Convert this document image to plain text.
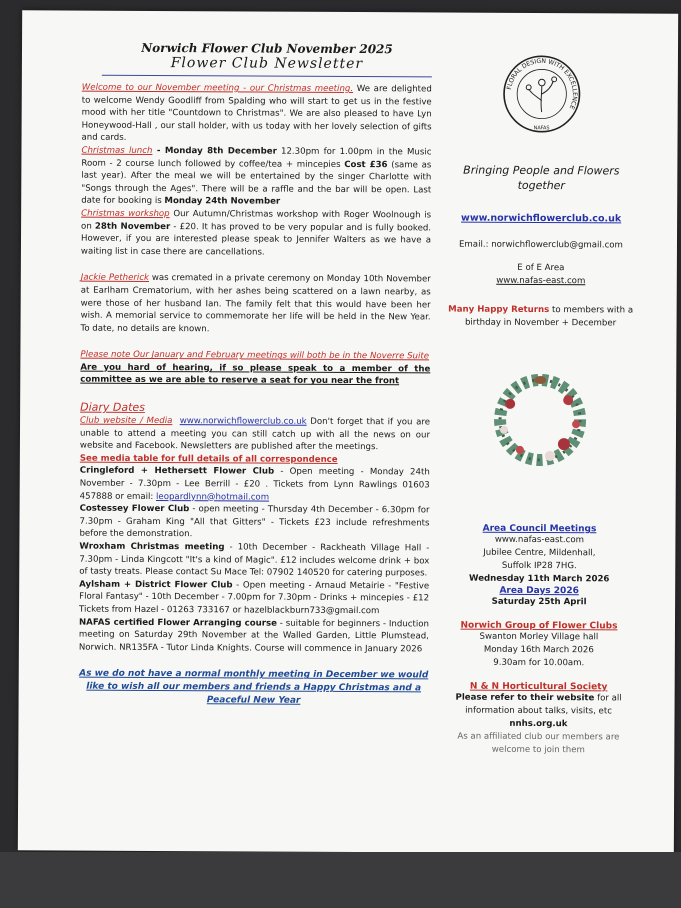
Norwich Flower Club November 2025
Flower Club Newsletter

Welcome to our November meeting - our Christmas meeting. We are delighted to welcome Wendy Goodliff from Spalding who will start to get us in the festive mood with her title "Countdown to Christmas". We are also pleased to have Lyn Honeywood-Hall , our stall holder, with us today with her lovely selection of gifts and cards.

Christmas lunch - Monday 8th December 12.30pm for 1.00pm in the Music Room - 2 course lunch followed by coffee/tea + mincepies Cost £36 (same as last year). After the meal we will be entertained by the singer Charlotte with "Songs through the Ages". There will be a raffle and the bar will be open. Last date for booking is Monday 24th November

Christmas workshop Our Autumn/Christmas workshop with Roger Woolnough is on 28th November - £20. It has proved to be very popular and is fully booked. However, if you are interested please speak to Jennifer Walters as we have a waiting list in case there are cancellations.

Jackie Petherick was cremated in a private ceremony on Monday 10th November at Earlham Crematorium, with her ashes being scattered on a lawn nearby, as were those of her husband Ian. The family felt that this would have been her wish. A memorial service to commemorate her life will be held in the New Year. To date, no details are known.

Please note Our January and February meetings will both be in the Noverre Suite

Are you hard of hearing, if so please speak to a member of the committee as we are able to reserve a seat for you near the front

Diary Dates

Club website / Media www.norwichflowerclub.co.uk Don't forget that if you are unable to attend a meeting you can still catch up with all the news on our website and Facebook. Newsletters are published after the meetings.

See media table for full details of all correspondence

Cringleford + Hethersett Flower Club - Open meeting - Monday 24th November - 7.30pm - Lee Berrill - £20 . Tickets from Lynn Rawlings 01603 457888 or email: leopardlynn@hotmail.com

Costessey Flower Club - open meeting - Thursday 4th December - 6.30pm for 7.30pm - Graham King "All that Gitters" - Tickets £23 include refreshments before the demonstration.

Wroxham Christmas meeting - 10th December - Rackheath Village Hall - 7.30pm - Linda Kingcott "It's a kind of Magic". £12 includes welcome drink + box of tasty treats. Please contact Su Mace Tel: 07902 140520 for catering purposes.

Aylsham + District Flower Club - Open meeting - Arnaud Metairie - "Festive Floral Fantasy" - 10th December - 7.00pm for 7.30pm - Drinks + mincepies - £12 Tickets from Hazel - 01263 733167 or hazelblackburn733@gmail.com

NAFAS certified Flower Arranging course - suitable for beginners - Induction meeting on Saturday 29th November at the Walled Garden, Little Plumstead, Norwich. NR135FA - Tutor Linda Knights. Course will commence in January 2026

As we do not have a normal monthly meeting in December we would like to wish all our members and friends a Happy Christmas and a Peaceful New Year
FLORAL DESIGN WITH EXCELLENCE
NAFAS
Bringing People and Flowers together
www.norwichflowerclub.co.uk
Email.: norwichflowerclub@gmail.com
E of E Area
www.nafas-east.com
Many Happy Returns to members with a birthday in November + December
Area Council Meetings
www.nafas-east.com
Jubilee Centre, Mildenhall,
Suffolk IP28 7HG.
Wednesday 11th March 2026
Area Days 2026
Saturday 25th April
Norwich Group of Flower Clubs
Swanton Morley Village hall
Monday 16th March 2026
9.30am for 10.00am.
N & N Horticultural Society
Please refer to their website for all information about talks, visits, etc
nnhs.org.uk
As an affiliated club our members are welcome to join them
